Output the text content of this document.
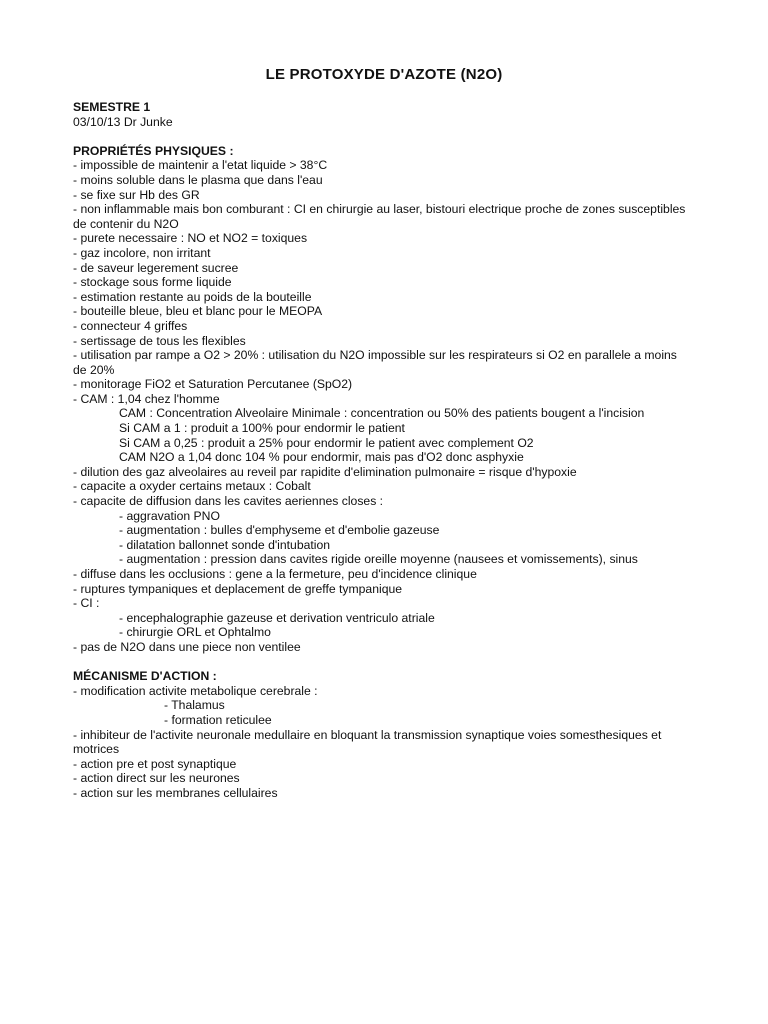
LE PROTOXYDE D'AZOTE (N2O)
SEMESTRE 1
03/10/13 Dr Junke
PROPRIÉTÉS PHYSIQUES :
- impossible de maintenir a l'etat liquide > 38°C
- moins soluble dans le plasma que dans l'eau
- se fixe sur Hb des GR
- non inflammable mais bon comburant : CI en chirurgie au laser, bistouri electrique proche de zones susceptibles de contenir du N2O
- purete necessaire : NO et NO2 = toxiques
- gaz incolore, non irritant
- de saveur legerement sucree
- stockage sous forme liquide
- estimation restante au poids de la bouteille
- bouteille bleue, bleu et blanc pour le MEOPA
- connecteur 4 griffes
- sertissage de tous les flexibles
- utilisation par rampe a O2 > 20% : utilisation du N2O impossible sur les respirateurs si O2 en parallele a moins de 20%
- monitorage FiO2 et Saturation Percutanee (SpO2)
- CAM : 1,04 chez l'homme
CAM : Concentration Alveolaire Minimale : concentration ou 50% des patients bougent a l'incision
Si CAM a 1 : produit a 100% pour endormir le patient
Si CAM a 0,25 : produit a 25% pour endormir le patient avec complement O2
CAM N2O a 1,04 donc 104 % pour endormir, mais pas d'O2 donc asphyxie
- dilution des gaz alveolaires au reveil par rapidite d'elimination pulmonaire = risque d'hypoxie
- capacite a oxyder certains metaux : Cobalt
- capacite de diffusion dans les cavites aeriennes closes :
- aggravation PNO
- augmentation : bulles d'emphyseme et d'embolie gazeuse
- dilatation ballonnet sonde d'intubation
- augmentation : pression dans cavites rigide oreille moyenne (nausees et vomissements), sinus
- diffuse dans les occlusions : gene a la fermeture, peu d'incidence clinique
- ruptures tympaniques et deplacement de greffe tympanique
- CI :
- encephalographie gazeuse et derivation ventriculo atriale
- chirurgie ORL et Ophtalmo
- pas de N2O dans une piece non ventilee
MÉCANISME D'ACTION :
- modification activite metabolique cerebrale :
- Thalamus
- formation reticulee
- inhibiteur de l'activite neuronale medullaire en bloquant la transmission synaptique voies somesthesiques et motrices
- action pre et post synaptique
- action direct sur les neurones
- action sur les membranes cellulaires
